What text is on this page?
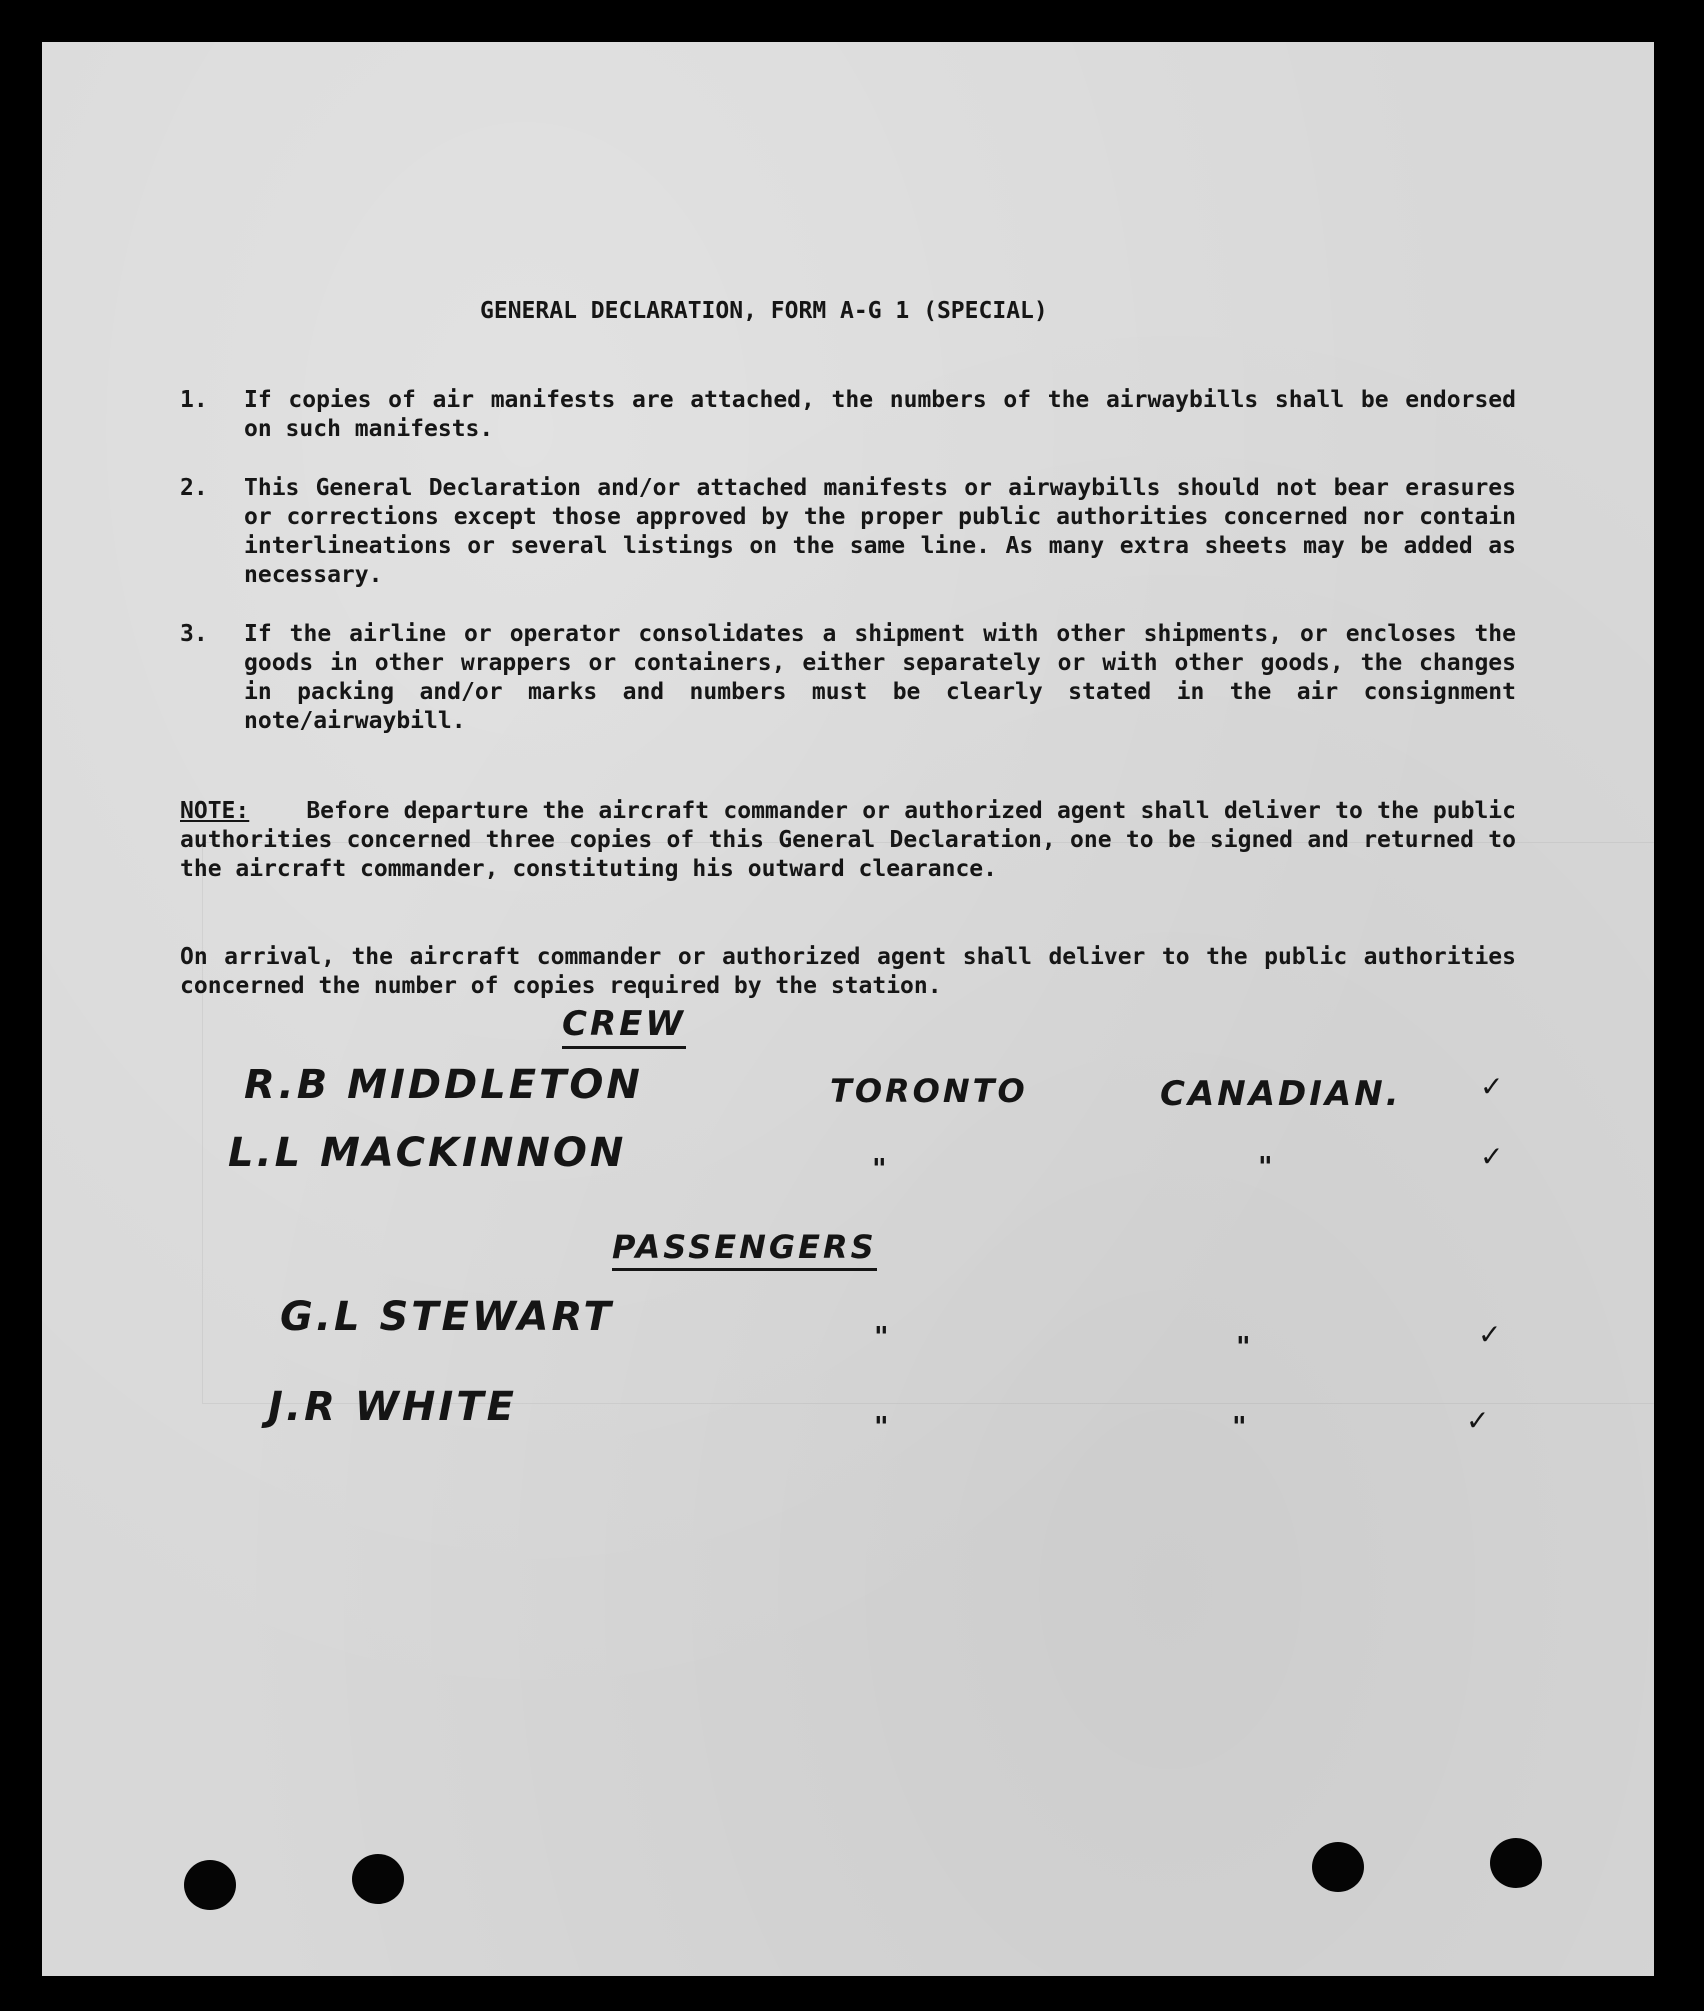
GENERAL DECLARATION, FORM A-G 1 (SPECIAL)
1.	If copies of air manifests are attached, the numbers of the airwaybills shall be endorsed on such manifests.
2.	This General Declaration and/or attached manifests or airwaybills should not bear erasures or corrections except those approved by the proper public authorities concerned nor contain interlineations or several listings on the same line. As many extra sheets may be added as necessary.
3.	If the airline or operator consolidates a shipment with other shipments, or encloses the goods in other wrappers or containers, either separately or with other goods, the changes in packing and/or marks and numbers must be clearly stated in the air consignment note/airwaybill.
NOTE: Before departure the aircraft commander or authorized agent shall deliver to the public authorities concerned three copies of this General Declaration, one to be signed and returned to the aircraft commander, constituting his outward clearance.
On arrival, the aircraft commander or authorized agent shall deliver to the public authorities concerned the number of copies required by the station.
CREW
R.B MIDDLETON	TORONTO	CANADIAN.	✓
L.L MACKINNON	"	"	✓
PASSENGERS
G.L STEWART	"	"	✓
J.R WHITE	"	"	✓
